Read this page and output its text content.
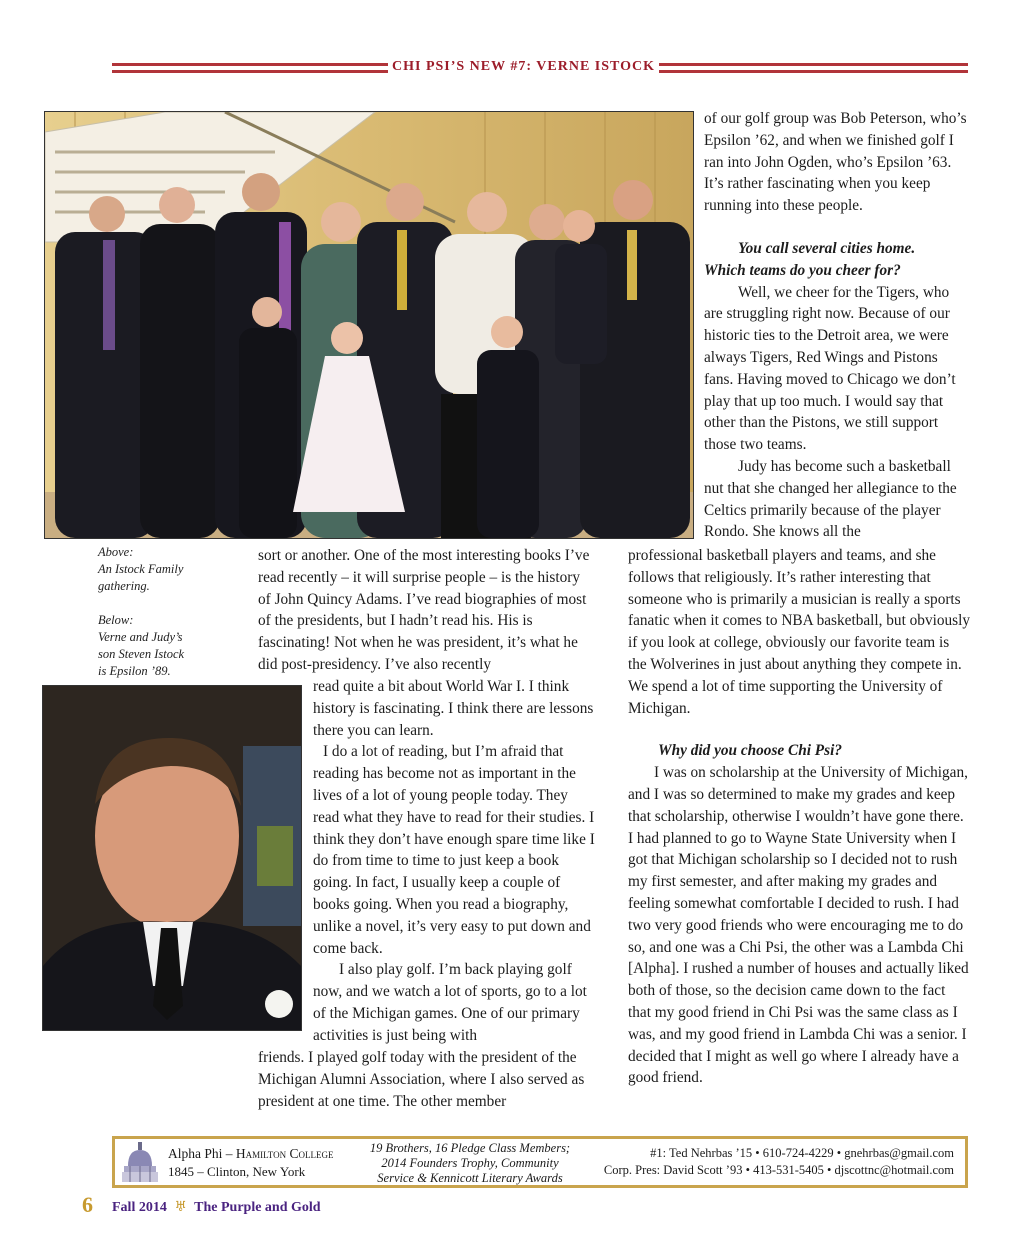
CHI PSI’S NEW #7: VERNE ISTOCK
Above:
An Istock Family
gathering.
Below:
Verne and Judy’s
son Steven Istock
is Epsilon ’89.

sort or another. One of the most interesting books I’ve read recently – it will surprise people – is the history of John Quincy Adams. I’ve read biographies of most of the presidents, but I hadn’t read his. His is fascinating! Not when he was president, it’s what he did post-presidency. I’ve also recently

read quite a bit about World War I. I think history is fascinating. I think there are lessons there you can learn.

I do a lot of reading, but I’m afraid that reading has become not as important in the lives of a lot of young people today. They read what they have to read for their studies. I think they don’t have enough spare time like I do from time to time to just keep a book going. In fact, I usually keep a couple of books going. When you read a biography, unlike a novel, it’s very easy to put down and come back.

I also play golf. I’m back playing golf now, and we watch a lot of sports, go to a lot of the Michigan games. One of our primary activities is just being with

friends. I played golf today with the president of the Michigan Alumni Association, where I also served as president at one time. The other member

of our golf group was Bob Peterson, who’s Epsilon ’62, and when we finished golf I ran into John Ogden, who’s Epsilon ’63. It’s rather fascinating when you keep running into these people.

You call several cities home.

Which teams do you cheer for?

Well, we cheer for the Tigers, who are struggling right now. Because of our historic ties to the Detroit area, we were always Tigers, Red Wings and Pistons fans. Having moved to Chicago we don’t play that up too much. I would say that other than the Pistons, we still support those two teams.

Judy has become such a basketball nut that she changed her allegiance to the Celtics primarily because of the player Rondo. She knows all the

professional basketball players and teams, and she follows that religiously. It’s rather interesting that someone who is primarily a musician is really a sports fanatic when it comes to NBA basketball, but obviously if you look at college, obviously our favorite team is the Wolverines in just about anything they compete in. We spend a lot of time supporting the University of Michigan.

Why did you choose Chi Psi?

I was on scholarship at the University of Michigan, and I was so determined to make my grades and keep that scholarship, otherwise I wouldn’t have gone there. I had planned to go to Wayne State University when I got that Michigan scholarship so I decided not to rush my first semester, and after making my grades and feeling somewhat comfortable I decided to rush. I had two very good friends who were encouraging me to do so, and one was a Chi Psi, the other was a Lambda Chi [Alpha]. I rushed a number of houses and actually liked both of those, so the decision came down to the fact that my good friend in Chi Psi was the same class as I was, and my good friend in Lambda Chi was a senior. I decided that I might as well go where I already have a good friend.

Alpha Phi – Hamilton College
1845 – Clinton, New York
19 Brothers, 16 Pledge Class Members;
2014 Founders Trophy, Community
Service & Kennicott Literary Awards
#1: Ted Nehrbas ’15 • 610-724-4229 • gnehrbas@gmail.com
Corp. Pres: David Scott ’93 • 413-531-5405 • djscottnc@hotmail.com
6 Fall 2014 ♅ The Purple and Gold
